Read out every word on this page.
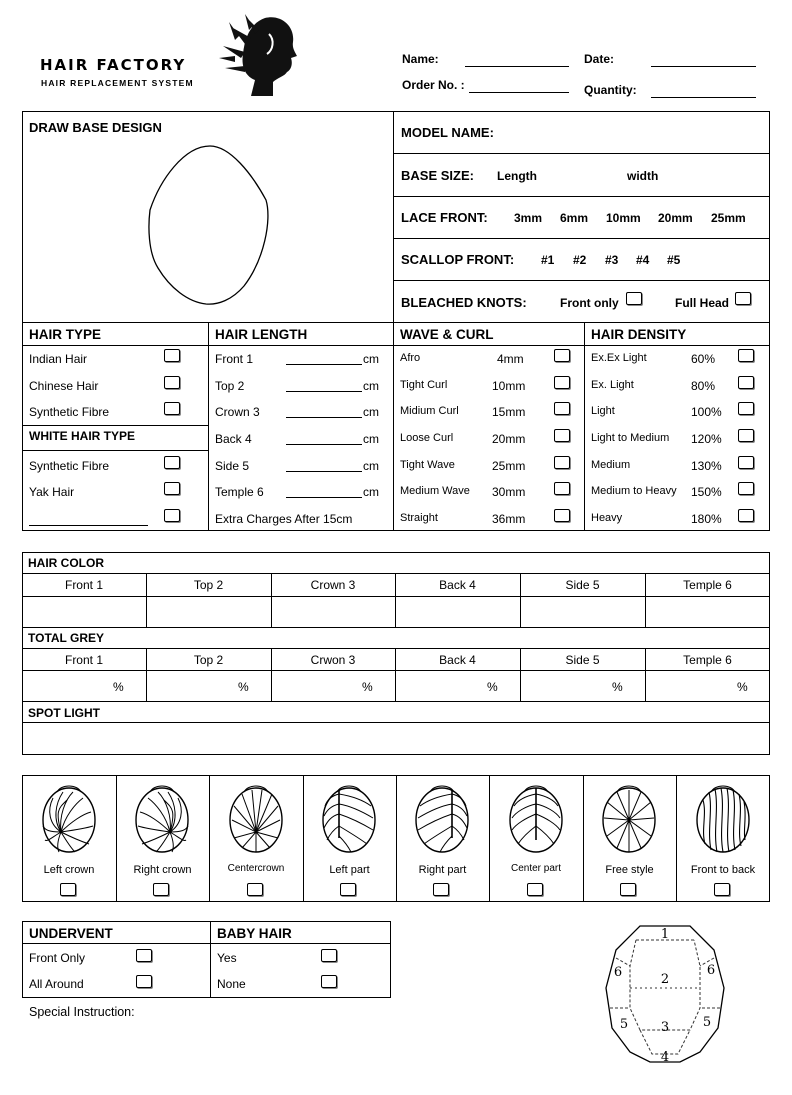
HAIR FACTORY
HAIR REPLACEMENT SYSTEM
Name:	Date:
Order No. :	Quantity:
DRAW BASE DESIGN	MODEL NAME:
BASE SIZE: Length	width
LACE FRONT: 3mm 6mm 10mm 20mm 25mm
SCALLOP FRONT: #1 #2 #3 #4 #5
BLEACHED KNOTS:	Front only	Full Head
HAIR TYPE
Indian Hair
Chinese Hair
Synthetic Fibre
WHITE HAIR TYPE
Synthetic Fibre
Yak Hair
HAIR LENGTH
Front 1	cm
Top 2	cm
Crown 3	cm
Back 4	cm
Side 5	cm
Temple 6	cm
Extra Charges After 15cm
WAVE & CURL
Afro	4mm
Tight Curl	10mm
Midium Curl	15mm
Loose Curl	20mm
Tight Wave	25mm
Medium Wave 30mm
Straight	36mm
HAIR DENSITY
Ex.Ex Light	60%
Ex. Light	80%
Light	100%
Light to Medium 120%
Medium	130%
Medium to Heavy 150%
Heavy	180%
HAIR COLOR
Front 1	Top 2	Crown 3	Back 4	Side 5	Temple 6
TOTAL GREY
Front 1	Top 2	Crwon 3	Back 4	Side 5	Temple 6
%	%	%	%	%	%
SPOT LIGHT
Left crown	Right crown	Centercrown	Left part	Right part	Center part	Free style	Front to back
UNDERVENT
Front Only
All Around
BABY HAIR
Yes
None
Special Instruction:
1
2
3
4
5	5
6	6
